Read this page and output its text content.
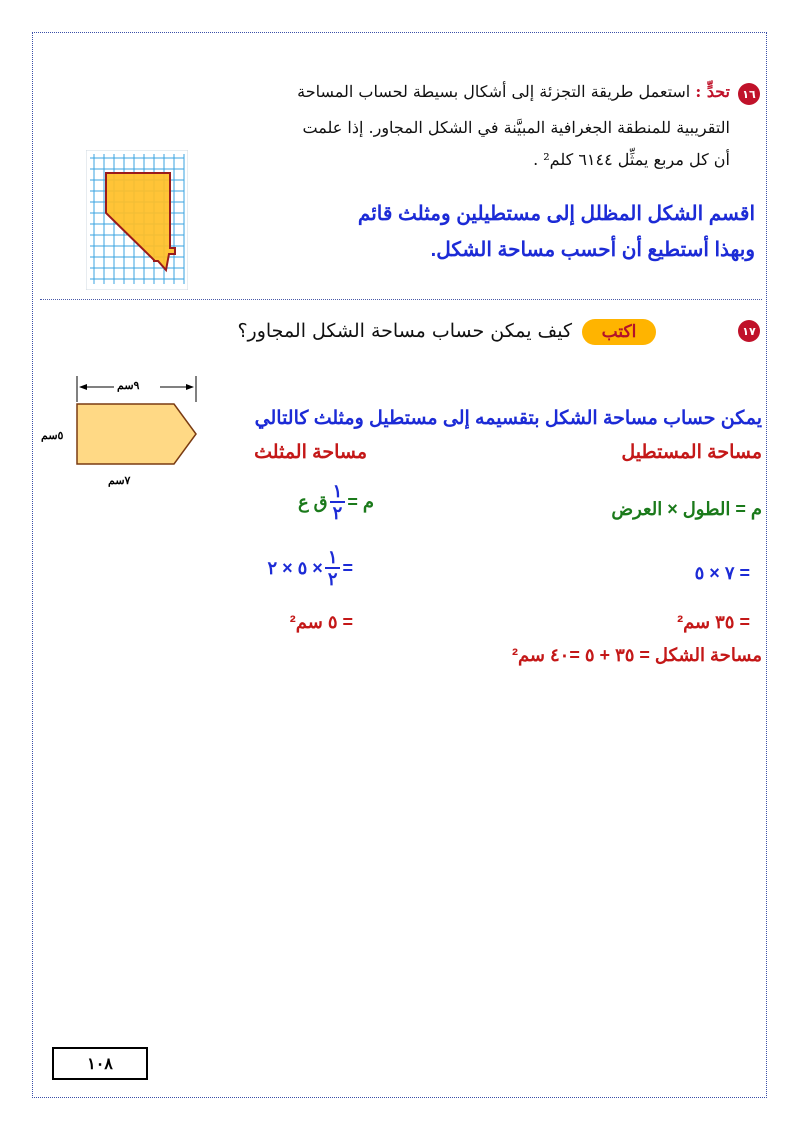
١٦
تحدٍّ : استعمل طريقة التجزئة إلى أشكال بسيطة لحساب المساحة
التقريبية للمنطقة الجغرافية المبيَّنة في الشكل المجاور. إذا علمت
أن كل مربع يمثِّل ٦١٤٤ كلم² .
اقسم الشكل المظلل إلى مستطيلين ومثلث قائم
وبهذا أستطيع أن أحسب مساحة الشكل.
١٧
اكتب
كيف يمكن حساب مساحة الشكل المجاور؟
٩سم
٥سم
٧سم
يمكن حساب مساحة الشكل بتقسيمه إلى مستطيل ومثلث كالتالي
مساحة المستطيل
مساحة المثلث
م = الطول × العرض
م =
$\frac{١}{٢}$
ق ع
= ٧ × ٥
=
$\frac{١}{٢}$
× ٥ × ٢
= ٣٥ سم²
= ٥ سم²
مساحة الشكل = ٣٥ + ٥ =٤٠ سم²
١٠٨
